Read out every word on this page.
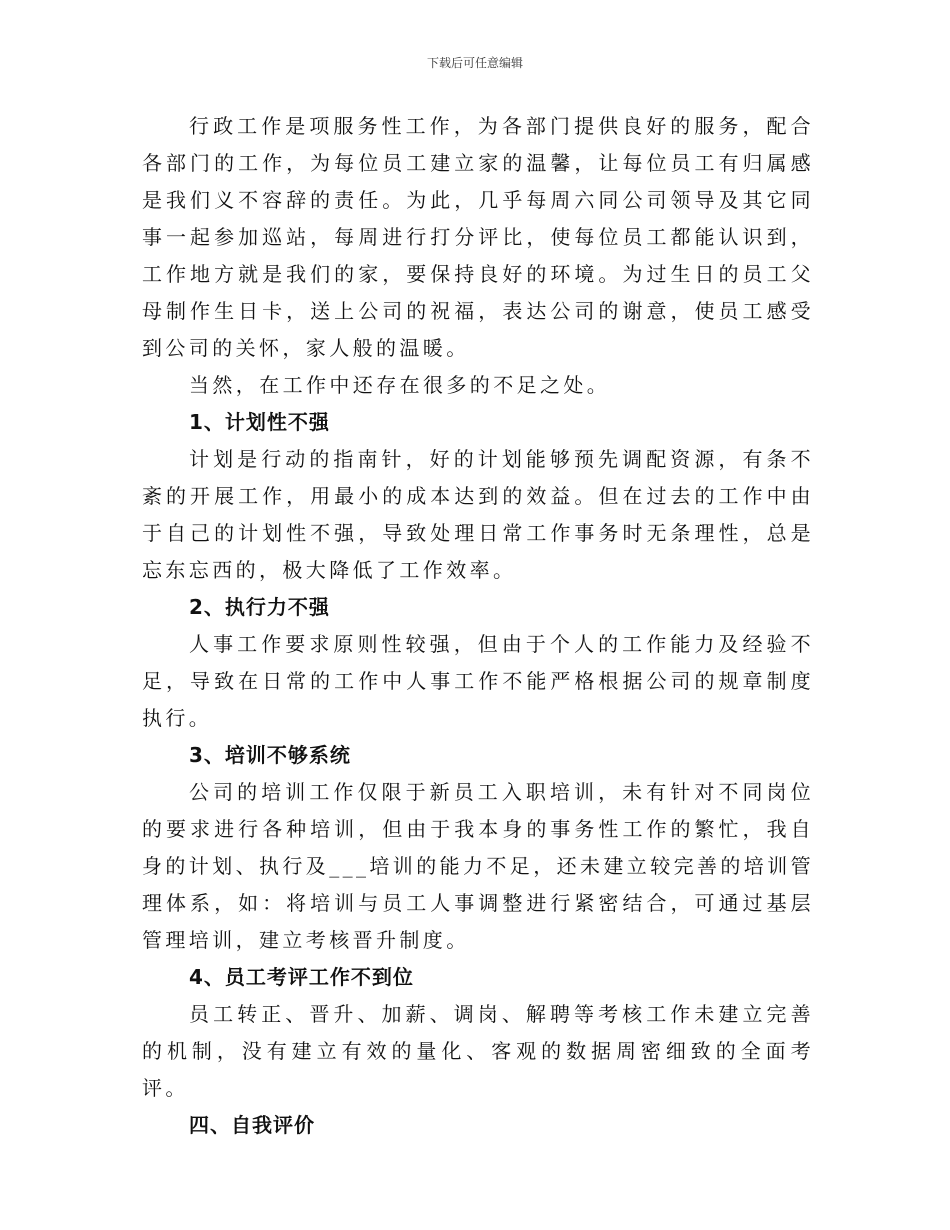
下载后可任意编辑

行政工作是项服务性工作，为各部门提供良好的服务，配合各部门的工作，为每位员工建立家的温馨，让每位员工有归属感是我们义不容辞的责任。为此，几乎每周六同公司领导及其它同事一起参加巡站，每周进行打分评比，使每位员工都能认识到，工作地方就是我们的家，要保持良好的环境。为过生日的员工父母制作生日卡，送上公司的祝福，表达公司的谢意，使员工感受到公司的关怀，家人般的温暖。

当然，在工作中还存在很多的不足之处。

1、计划性不强

计划是行动的指南针，好的计划能够预先调配资源，有条不紊的开展工作，用最小的成本达到的效益。但在过去的工作中由于自己的计划性不强，导致处理日常工作事务时无条理性，总是忘东忘西的，极大降低了工作效率。

2、执行力不强

人事工作要求原则性较强，但由于个人的工作能力及经验不足，导致在日常的工作中人事工作不能严格根据公司的规章制度执行。

3、培训不够系统

公司的培训工作仅限于新员工入职培训，未有针对不同岗位的要求进行各种培训，但由于我本身的事务性工作的繁忙，我自身的计划、执行及___培训的能力不足，还未建立较完善的培训管理体系，如：将培训与员工人事调整进行紧密结合，可通过基层管理培训，建立考核晋升制度。

4、员工考评工作不到位

员工转正、晋升、加薪、调岗、解聘等考核工作未建立完善的机制，没有建立有效的量化、客观的数据周密细致的全面考评。

四、自我评价
